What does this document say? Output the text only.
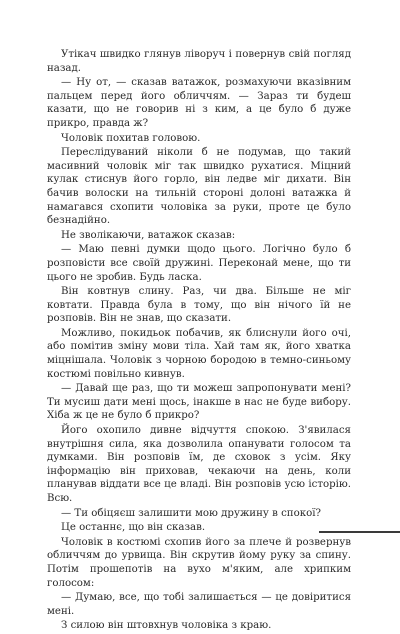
Утікач швидко глянув ліворуч і повернув свій погляд назад.

— Ну от, — сказав ватажок, розмахуючи вказівним пальцем перед його обличчям. — Зараз ти будеш казати, що не говорив ні з ким, а це було б дуже прикро, правда ж?

Чоловік похитав головою.

Переслідуваний ніколи б не подумав, що такий масивний чоловік міг так швидко рухатися. Міцний кулак стиснув його горло, він ледве міг дихати. Він бачив волоски на тильній стороні долоні ватажка й намагався схопити чоловіка за руки, проте це було безнадійно.

Не зволікаючи, ватажок сказав:

— Маю певні думки щодо цього. Логічно було б розповісти все своїй дружині. Переконай мене, що ти цього не зробив. Будь ласка.

Він ковтнув слину. Раз, чи два. Більше не міг ковтати. Правда була в тому, що він нічого їй не розповів. Він не знав, що сказати.

Можливо, покидьок побачив, як блиснули його очі, або помітив зміну мови тіла. Хай там як, його хватка міцнішала. Чоловік з чорною бородою в темно-синьому костюмі повільно кивнув.

— Давай ще раз, що ти можеш запропонувати мені? Ти мусиш дати мені щось, інакше в нас не буде вибору. Хіба ж це не було б прикро?

Його охопило дивне відчуття спокою. З'явилася внутрішня сила, яка дозволила опанувати голосом та думками. Він розповів їм, де сховок з усім. Яку інформацію він приховав, чекаючи на день, коли планував віддати все це владі. Він розповів усю історію. Всю.

— Ти обіцяєш залишити мою дружину в спокої?

Це останнє, що він сказав.

Чоловік в костюмі схопив його за плече й розвернув обличчям до урвища. Він скрутив йому руку за спину. Потім прошепотів на вухо м'яким, але хрипким голосом:

— Думаю, все, що тобі залишається — це довіритися мені.

З силою він штовхнув чоловіка з краю.
